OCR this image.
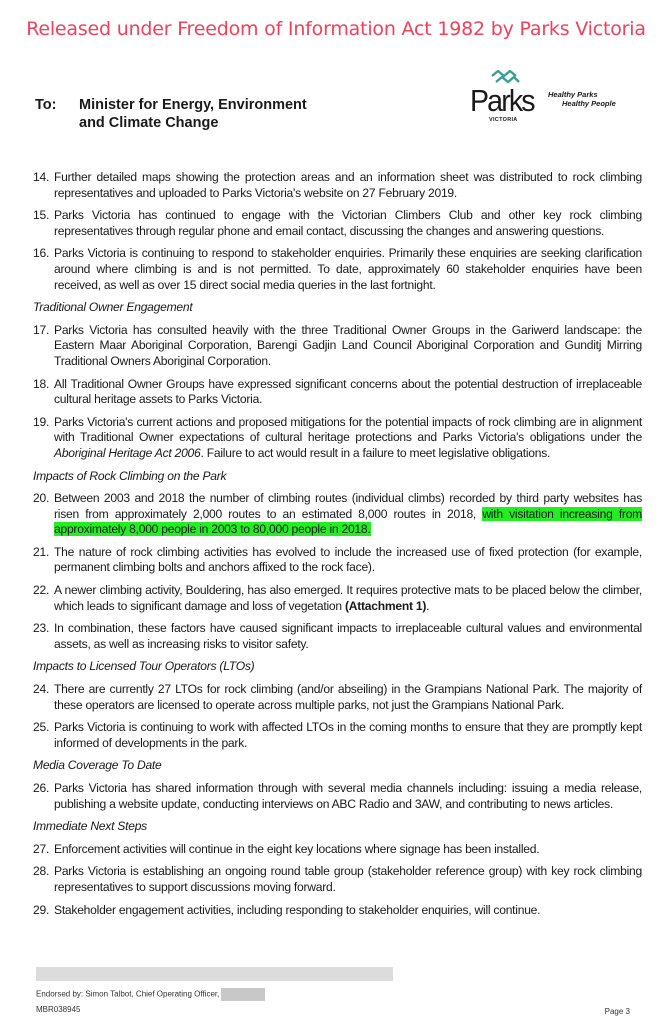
Released under Freedom of Information Act 1982 by Parks Victoria
To: Minister for Energy, Environment and Climate Change
Parks
VICTORIA
Healthy Parks
Healthy People
14. Further detailed maps showing the protection areas and an information sheet was distributed to rock climbing representatives and uploaded to Parks Victoria's website on 27 February 2019.
15. Parks Victoria has continued to engage with the Victorian Climbers Club and other key rock climbing representatives through regular phone and email contact, discussing the changes and answering questions.
16. Parks Victoria is continuing to respond to stakeholder enquiries. Primarily these enquiries are seeking clarification around where climbing is and is not permitted. To date, approximately 60 stakeholder enquiries have been received, as well as over 15 direct social media queries in the last fortnight.
Traditional Owner Engagement
17. Parks Victoria has consulted heavily with the three Traditional Owner Groups in the Gariwerd landscape: the Eastern Maar Aboriginal Corporation, Barengi Gadjin Land Council Aboriginal Corporation and Gunditj Mirring Traditional Owners Aboriginal Corporation.
18. All Traditional Owner Groups have expressed significant concerns about the potential destruction of irreplaceable cultural heritage assets to Parks Victoria.
19. Parks Victoria's current actions and proposed mitigations for the potential impacts of rock climbing are in alignment with Traditional Owner expectations of cultural heritage protections and Parks Victoria's obligations under the Aboriginal Heritage Act 2006. Failure to act would result in a failure to meet legislative obligations.
Impacts of Rock Climbing on the Park
20. Between 2003 and 2018 the number of climbing routes (individual climbs) recorded by third party websites has risen from approximately 2,000 routes to an estimated 8,000 routes in 2018, with visitation increasing from approximately 8,000 people in 2003 to 80,000 people in 2018.
21. The nature of rock climbing activities has evolved to include the increased use of fixed protection (for example, permanent climbing bolts and anchors affixed to the rock face).
22. A newer climbing activity, Bouldering, has also emerged. It requires protective mats to be placed below the climber, which leads to significant damage and loss of vegetation (Attachment 1).
23. In combination, these factors have caused significant impacts to irreplaceable cultural values and environmental assets, as well as increasing risks to visitor safety.
Impacts to Licensed Tour Operators (LTOs)
24. There are currently 27 LTOs for rock climbing (and/or abseiling) in the Grampians National Park. The majority of these operators are licensed to operate across multiple parks, not just the Grampians National Park.
25. Parks Victoria is continuing to work with affected LTOs in the coming months to ensure that they are promptly kept informed of developments in the park.
Media Coverage To Date
26. Parks Victoria has shared information through with several media channels including: issuing a media release, publishing a website update, conducting interviews on ABC Radio and 3AW, and contributing to news articles.
Immediate Next Steps
27. Enforcement activities will continue in the eight key locations where signage has been installed.
28. Parks Victoria is establishing an ongoing round table group (stakeholder reference group) with key rock climbing representatives to support discussions moving forward.
29. Stakeholder engagement activities, including responding to stakeholder enquiries, will continue.
Endorsed by: Simon Talbot, Chief Operating Officer,
MBR038945	Page 3
